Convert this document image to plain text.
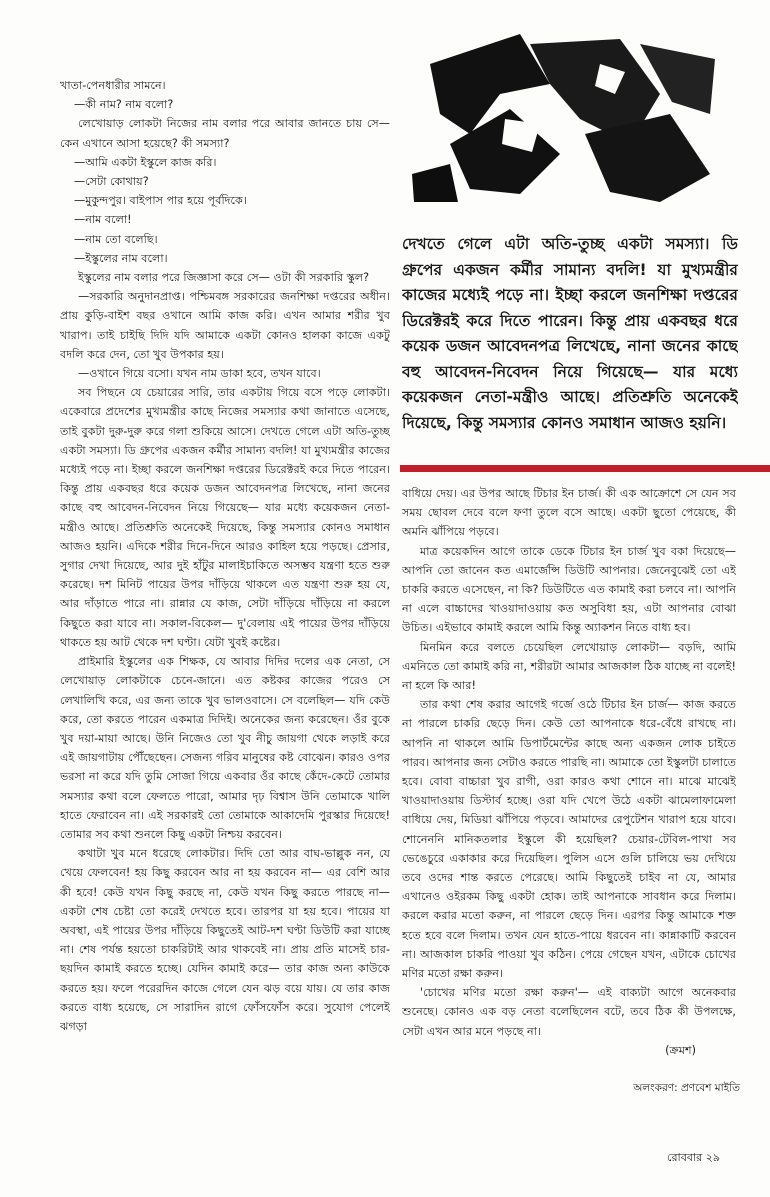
খাতা-পেনধারীর সামনে।

—কী নাম? নাম বলো?

লেখোয়াড় লোকটা নিজের নাম বলার পরে আবার জানতে চায় সে— কেন এখানে আসা হয়েছে? কী সমস্যা?

—আমি একটা ইস্কুলে কাজ করি।

—সেটা কোথায়?

—মুকুন্দপুর। বাইপাস পার হয়ে পূর্বদিকে।

—নাম বলো!

—নাম তো বলেছি।

—ইস্কুলের নাম বলো।

ইস্কুলের নাম বলার পরে জিজ্ঞাসা করে সে— ওটা কী সরকারি স্কুল?

—সরকারি অনুদানপ্রাপ্ত। পশ্চিমবঙ্গ সরকারের জনশিক্ষা দপ্তরের অধীন। প্রায় কুড়ি-বাইশ বছর ওখানে আমি কাজ করি। এখন আমার শরীর খুব খারাপ। তাই চাইছি দিদি যদি আমাকে একটা কোনও হালকা কাজে একটু বদলি করে দেন, তো খুব উপকার হয়।

—ওখানে গিয়ে বসো। যখন নাম ডাকা হবে, তখন যাবে।

সব পিছনে যে চেয়ারের সারি, তার একটায় গিয়ে বসে পড়ে লোকটা। একেবারে প্রদেশের মুখ্যমন্ত্রীর কাছে নিজের সমস্যার কথা জানাতে এসেছে, তাই বুকটা দুরু-দুরু করে গলা শুকিয়ে আসে। দেখতে গেলে এটা অতি-তুচ্ছ একটা সমস্যা। ডি গ্রুপের একজন কর্মীর সামান্য বদলি! যা মুখ্যমন্ত্রীর কাজের মধ্যেই পড়ে না। ইচ্ছা করলে জনশিক্ষা দপ্তরের ডিরেক্টরই করে দিতে পারেন। কিন্তু প্রায় একবছর ধরে কয়েক ডজন আবেদনপত্র লিখেছে, নানা জনের কাছে বহু আবেদন-নিবেদন নিয়ে গিয়েছে— যার মধ্যে কয়েকজন নেতা-মন্ত্রীও আছে। প্রতিশ্রুতি অনেকেই দিয়েছে, কিন্তু সমস্যার কোনও সমাধান আজও হয়নি। এদিকে শরীর দিনে-দিনে আরও কাহিল হয়ে পড়ছে। প্রেসার, সুগার দেখা দিয়েছে, আর দুই হাঁটুর মালাইচাকিতে অসম্ভব যন্ত্রণা হতে শুরু করেছে। দশ মিনিট পায়ের উপর দাঁড়িয়ে থাকলে এত যন্ত্রণা শুরু হয় যে, আর দাঁড়াতে পারে না। রান্নার যে কাজ, সেটা দাঁড়িয়ে দাঁড়িয়ে না করলে কিছুতে করা যাবে না। সকাল-বিকেল— দু'বেলায় এই পায়ের উপর দাঁড়িয়ে থাকতে হয় আট থেকে দশ ঘণ্টা। যেটা খুবই কষ্টের।

প্রাইমারি ইস্কুলের এক শিক্ষক, যে আবার দিদির দলের এক নেতা, সে লেখোয়াড় লোকটাকে চেনে-জানে। এত কষ্টকর কাজের পরেও সে লেখালিখি করে, এর জন্য তাকে খুব ভালওবাসে। সে বলেছিল— যদি কেউ করে, তো করতে পারেন একমাত্র দিদিই। অনেকের জন্য করেছেন। ওঁর বুকে খুব দয়া-মায়া আছে। উনি নিজেও তো খুব নীচু জায়গা থেকে লড়াই করে এই জায়গাটায় পৌঁছেছেন। সেজন্য গরিব মানুষের কষ্ট বোঝেন। কারও ওপর ভরসা না করে যদি তুমি সোজা গিয়ে একবার ওঁর কাছে কেঁদে-কেটে তোমার সমস্যার কথা বলে ফেলতে পারো, আমার দৃঢ় বিশ্বাস উনি তোমাকে খালি হাতে ফেরাবেন না। এই সরকারই তো তোমাকে আকাদেমি পুরস্কার দিয়েছে! তোমার সব কথা শুনলে কিছু একটা নিশ্চয় করবেন।

কথাটা খুব মনে ধরেছে লোকটার। দিদি তো আর বাঘ-ভাল্লুক নন, যে খেয়ে ফেলবেন! হয় কিছু করবেন আর না হয় করবেন না— এর বেশি আর কী হবে! কেউ যখন কিছু করছে না, কেউ যখন কিছু করতে পারছে না— একটা শেষ চেষ্টা তো করেই দেখতে হবে। তারপর যা হয় হবে। পায়ের যা অবস্থা, এই পায়ের উপর দাঁড়িয়ে কিছুতেই আট-দশ ঘণ্টা ডিউটি করা যাচ্ছে না। শেষ পর্যন্ত হয়তো চাকরিটাই আর থাকবেই না। প্রায় প্রতি মাসেই চার-ছয়দিন কামাই করতে হচ্ছে। যেদিন কামাই করে— তার কাজ অন্য কাউকে করতে হয়। ফলে পরেরদিন কাজে গেলে যেন ঝড় বয়ে যায়। যে তার কাজ করতে বাধ্য হয়েছে, সে সারাদিন রাগে ফোঁসফোঁস করে। সুযোগ পেলেই ঝগড়া

দেখতে গেলে এটা অতি-তুচ্ছ একটা সমস্যা। ডি গ্রুপের একজন কর্মীর সামান্য বদলি! যা মুখ্যমন্ত্রীর কাজের মধ্যেই পড়ে না। ইচ্ছা করলে জনশিক্ষা দপ্তরের ডিরেক্টরই করে দিতে পারেন। কিন্তু প্রায় একবছর ধরে কয়েক ডজন আবেদনপত্র লিখেছে, নানা জনের কাছে বহু আবেদন-নিবেদন নিয়ে গিয়েছে— যার মধ্যে কয়েকজন নেতা-মন্ত্রীও আছে। প্রতিশ্রুতি অনেকেই দিয়েছে, কিন্তু সমস্যার কোনও সমাধান আজও হয়নি।

বাধিয়ে দেয়। এর উপর আছে টিচার ইন চার্জ। কী এক আক্রোশে সে যেন সব সময় ছোবল দেবে বলে ফণা তুলে বসে আছে। একটা ছুতো পেয়েছে, কী অমনি ঝাঁপিয়ে পড়বে।

মাত্র কয়েকদিন আগে তাকে ডেকে টিচার ইন চার্জ খুব বকা দিয়েছে— আপনি তো জানেন কত এমার্জেন্সি ডিউটি আপনার। জেনেবুঝেই তো এই চাকরি করতে এসেছেন, না কি? ডিউটিতে এত কামাই করা চলবে না। আপনি না এলে বাচ্চাদের খাওয়াদাওয়ায় কত অসুবিধা হয়, এটা আপনার বোঝা উচিত। এইভাবে কামাই করলে আমি কিন্তু অ্যাকশন নিতে বাধ্য হব।

মিনমিন করে বলতে চেয়েছিল লেখোয়াড় লোকটা— বড়দি, আমি এমনিতে তো কামাই করি না, শরীরটা আমার আজকাল ঠিক যাচ্ছে না বলেই! না হলে কি আর!

তার কথা শেষ করার আগেই গর্জে ওঠে টিচার ইন চার্জ— কাজ করতে না পারলে চাকরি ছেড়ে দিন। কেউ তো আপনাকে ধরে-বেঁধে রাখছে না। আপনি না থাকলে আমি ডিপার্টমেন্টের কাছে অন্য একজন লোক চাইতে পারব। আপনার জন্য সেটাও করতে পারছি না। আমাকে তো ইস্কুলটা চালাতে হবে। বোবা বাচ্চারা খুব রাগী, ওরা কারও কথা শোনে না। মাঝে মাঝেই খাওয়াদাওয়ায় ডিস্টার্ব হচ্ছে। ওরা যদি খেপে উঠে একটা ঝামেলাফামেলা বাধিয়ে দেয়, মিডিয়া ঝাঁপিয়ে পড়বে। আমাদের রেপুটেশন খারাপ হয়ে যাবে। শোনেননি মানিকতলার ইস্কুলে কী হয়েছিল? চেয়ার-টেবিল-পাখা সব ভেঙেচুরে একাকার করে দিয়েছিল। পুলিস এসে গুলি চালিয়ে ভয় দেখিয়ে তবে ওদের শান্ত করতে পেরেছে। আমি কিছুতেই চাইব না যে, আমার এখানেও ওইরকম কিছু একটা হোক। তাই আপনাকে সাবধান করে দিলাম। করলে করার মতো করুন, না পারলে ছেড়ে দিন। এরপর কিন্তু আমাকে শক্ত হতে হবে বলে দিলাম। তখন যেন হাতে-পায়ে ধরবেন না। কান্নাকাটি করবেন না। আজকাল চাকরি পাওয়া খুব কঠিন। পেয়ে গেছেন যখন, এটাকে চোখের মণির মতো রক্ষা করুন।

'চোখের মণির মতো রক্ষা করুন'— এই বাক্যটা আগে অনেকবার শুনেছে। কোনও এক বড় নেতা বলেছিলেন বটে, তবে ঠিক কী উপলক্ষে, সেটা এখন আর মনে পড়ছে না।

(ক্রমশ)

অলংকরণ: প্রণবেশ মাইতি
রোববার ২৯
